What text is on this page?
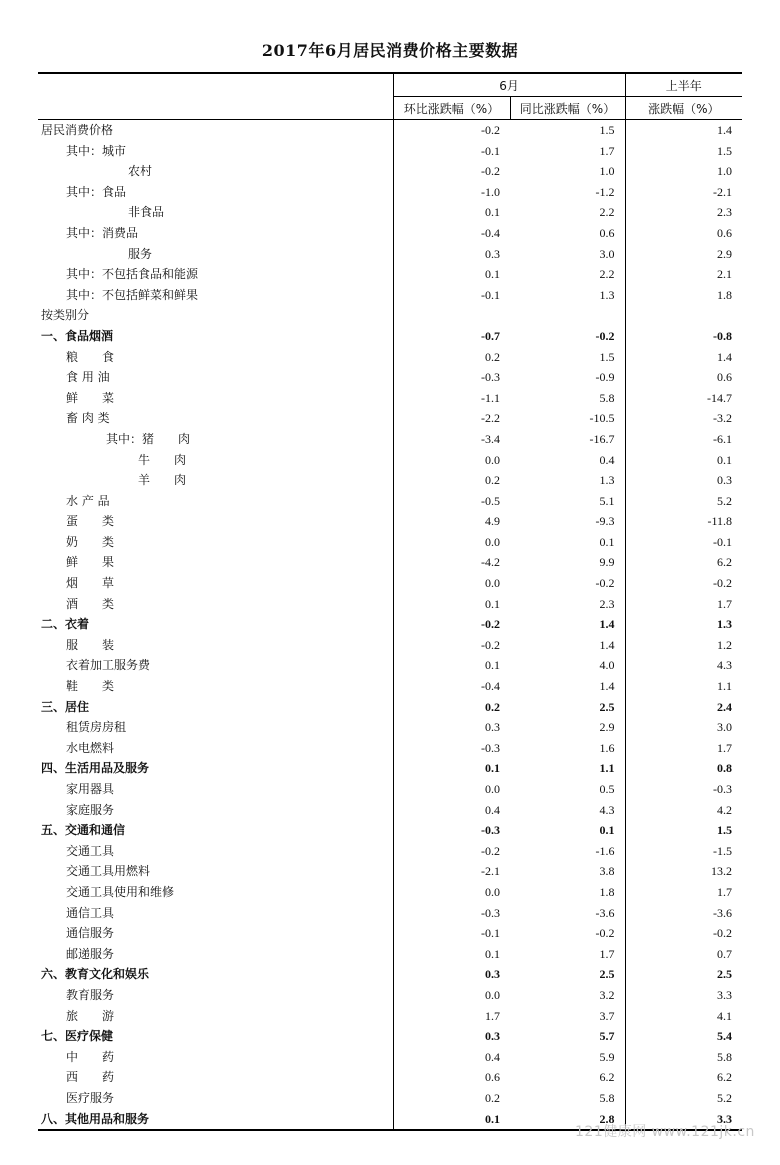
2017年6月居民消费价格主要数据
	6月		上半年
	环比涨跌幅（%）	同比涨跌幅（%）	涨跌幅（%）
居民消费价格	-0.2	1.5	1.4
其中：城市	-0.1	1.7	1.5
农村	-0.2	1.0	1.0
其中：食品	-1.0	-1.2	-2.1
非食品	0.1	2.2	2.3
其中：消费品	-0.4	0.6	0.6
服务	0.3	3.0	2.9
其中：不包括食品和能源	0.1	2.2	2.1
其中：不包括鲜菜和鲜果	-0.1	1.3	1.8
按类别分			
一、食品烟酒	-0.7	-0.2	-0.8
粮　　食	0.2	1.5	1.4
食 用 油	-0.3	-0.9	0.6
鲜　　菜	-1.1	5.8	-14.7
畜 肉 类	-2.2	-10.5	-3.2
其中：猪　　肉	-3.4	-16.7	-6.1
牛　　肉	0.0	0.4	0.1
羊　　肉	0.2	1.3	0.3
水 产 品	-0.5	5.1	5.2
蛋　　类	4.9	-9.3	-11.8
奶　　类	0.0	0.1	-0.1
鲜　　果	-4.2	9.9	6.2
烟　　草	0.0	-0.2	-0.2
酒　　类	0.1	2.3	1.7
二、衣着	-0.2	1.4	1.3
服　　装	-0.2	1.4	1.2
衣着加工服务费	0.1	4.0	4.3
鞋　　类	-0.4	1.4	1.1
三、居住	0.2	2.5	2.4
租赁房房租	0.3	2.9	3.0
水电燃料	-0.3	1.6	1.7
四、生活用品及服务	0.1	1.1	0.8
家用器具	0.0	0.5	-0.3
家庭服务	0.4	4.3	4.2
五、交通和通信	-0.3	0.1	1.5
交通工具	-0.2	-1.6	-1.5
交通工具用燃料	-2.1	3.8	13.2
交通工具使用和维修	0.0	1.8	1.7
通信工具	-0.3	-3.6	-3.6
通信服务	-0.1	-0.2	-0.2
邮递服务	0.1	1.7	0.7
六、教育文化和娱乐	0.3	2.5	2.5
教育服务	0.0	3.2	3.3
旅　　游	1.7	3.7	4.1
七、医疗保健	0.3	5.7	5.4
中　　药	0.4	5.9	5.8
西　　药	0.6	6.2	6.2
医疗服务	0.2	5.8	5.2
八、其他用品和服务	0.1	2.8	3.3
121健康网 www.121jk.cn
